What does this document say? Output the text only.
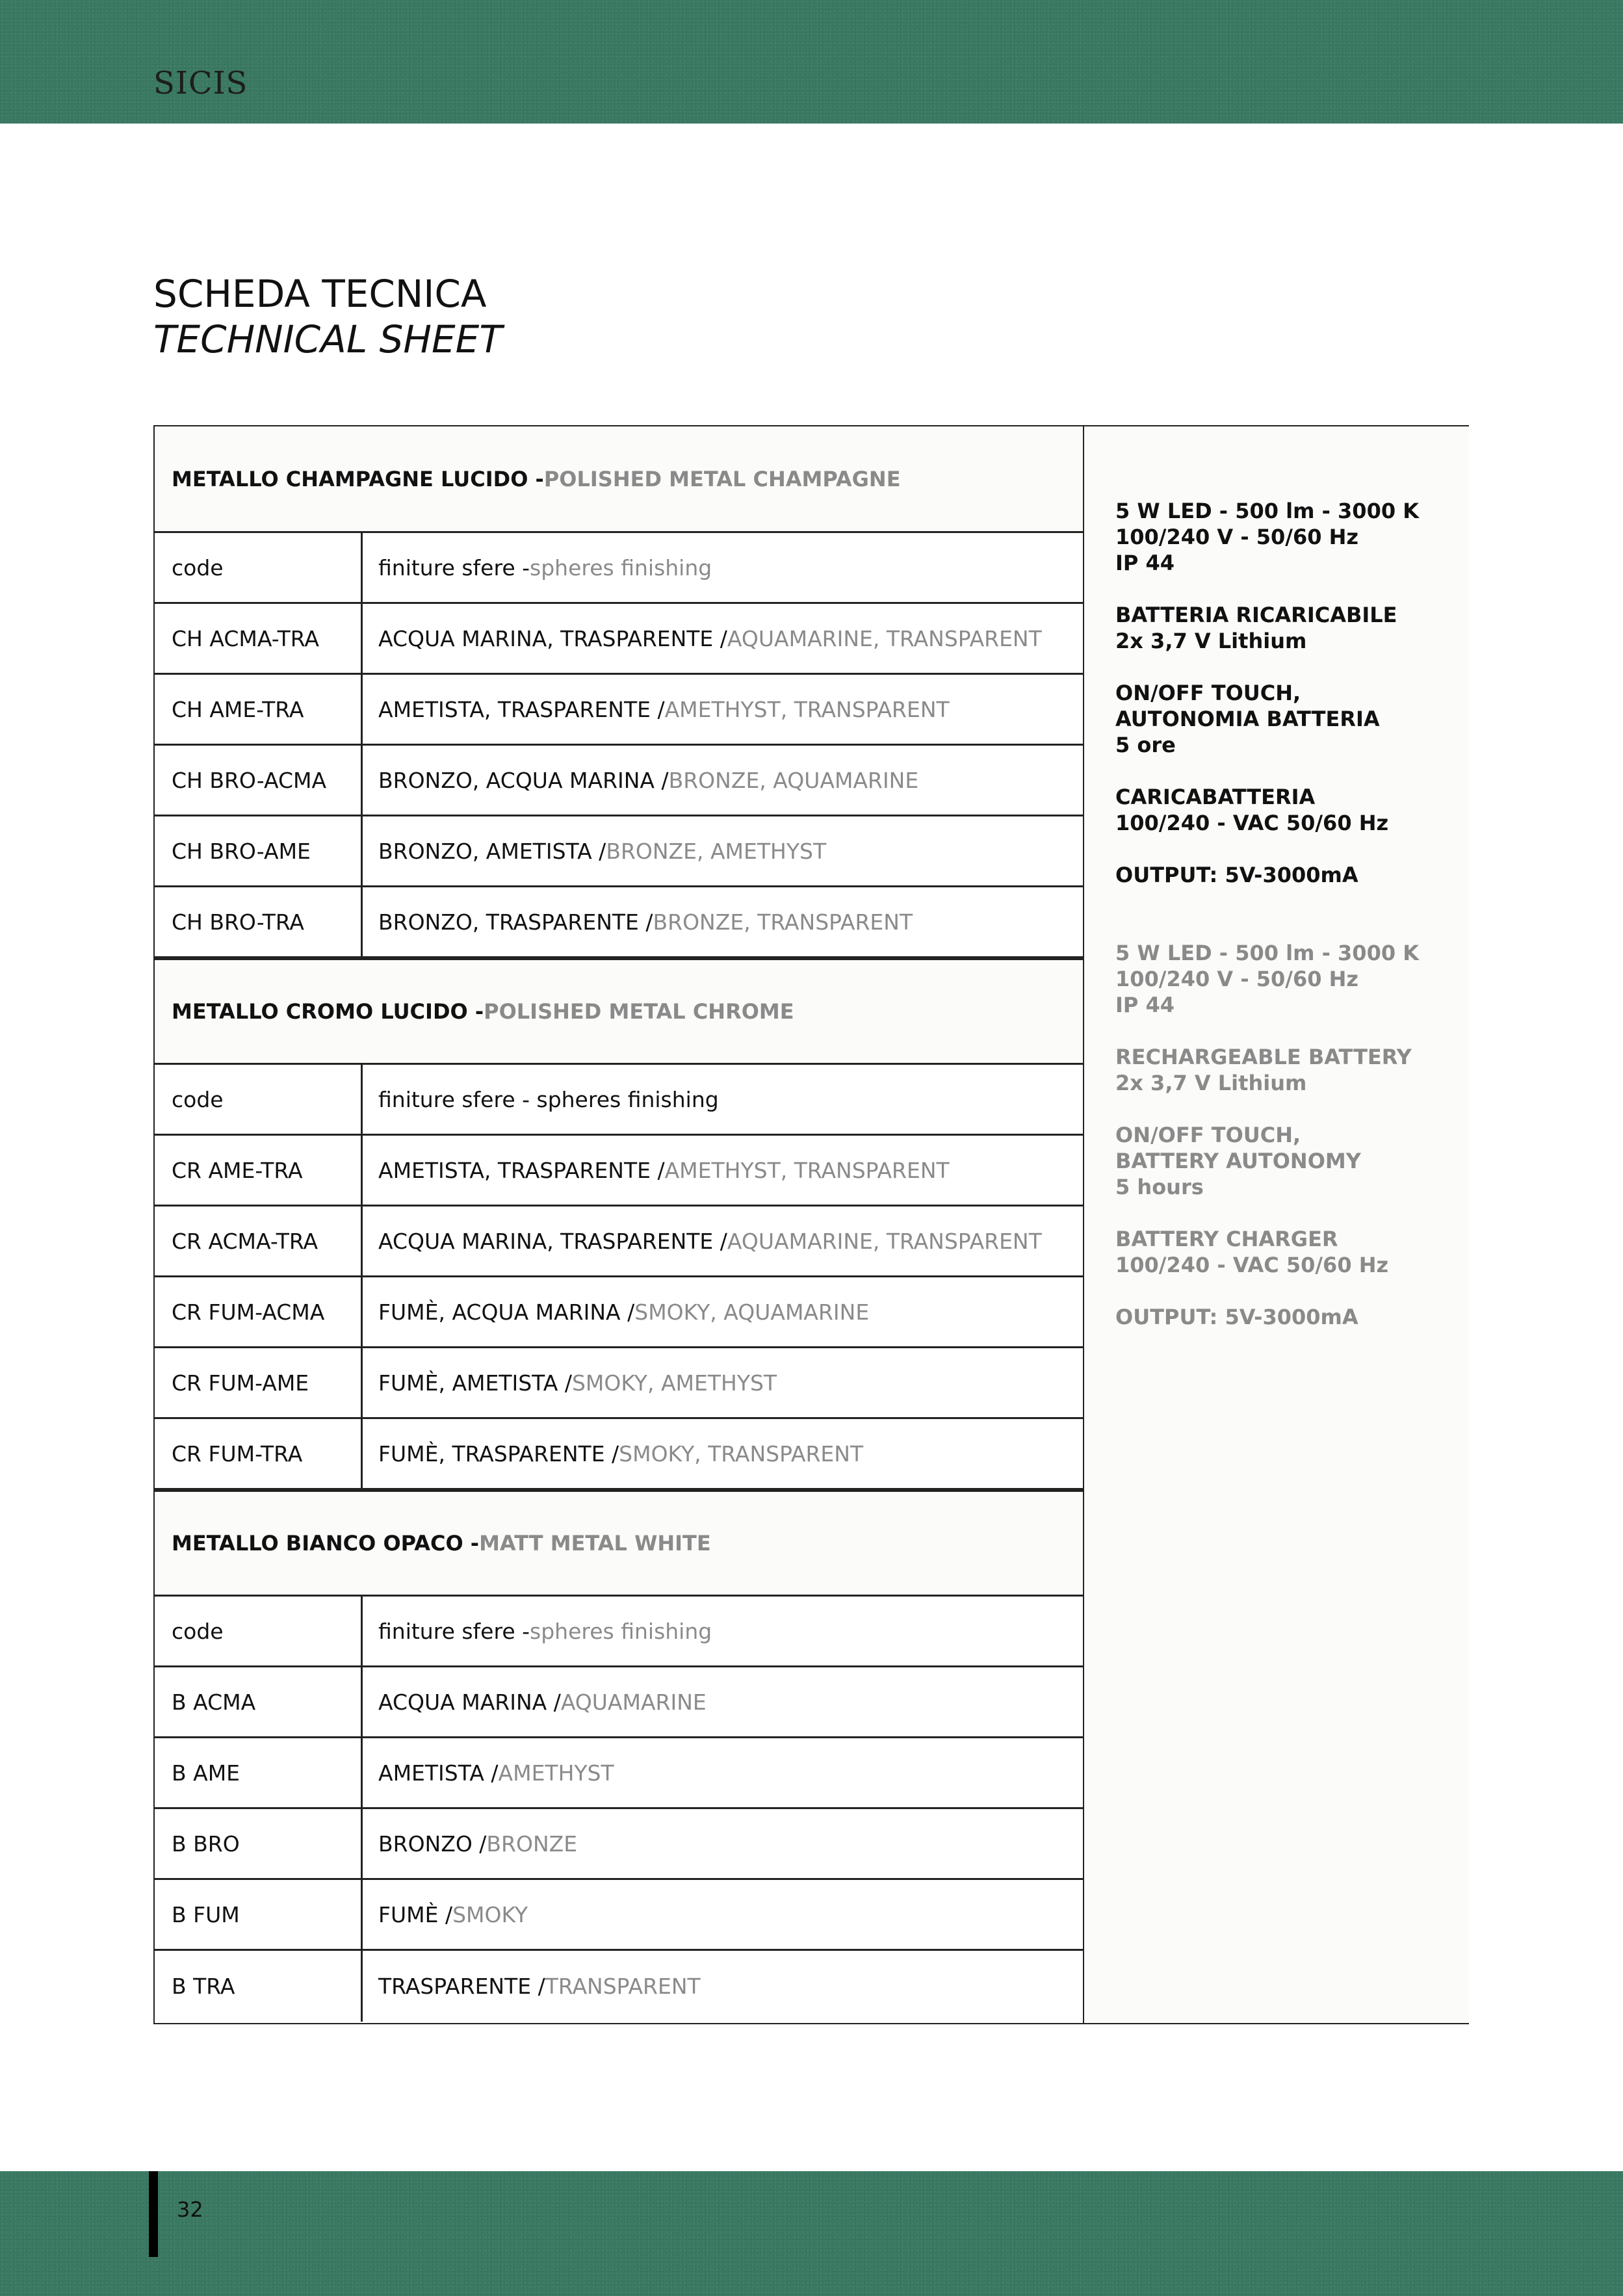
SICIS
SCHEDA TECNICA
TECHNICAL SHEET
METALLO CHAMPAGNE LUCIDO - POLISHED METAL CHAMPAGNE
code	finiture sfere - spheres finishing
CH ACMA-TRA	ACQUA MARINA, TRASPARENTE / AQUAMARINE, TRANSPARENT
CH AME-TRA	AMETISTA, TRASPARENTE / AMETHYST, TRANSPARENT
CH BRO-ACMA	BRONZO, ACQUA MARINA / BRONZE, AQUAMARINE
CH BRO-AME	BRONZO, AMETISTA / BRONZE, AMETHYST
CH BRO-TRA	BRONZO, TRASPARENTE / BRONZE, TRANSPARENT
METALLO CROMO LUCIDO - POLISHED METAL CHROME
code	finiture sfere - spheres finishing
CR AME-TRA	AMETISTA, TRASPARENTE / AMETHYST, TRANSPARENT
CR ACMA-TRA	ACQUA MARINA, TRASPARENTE / AQUAMARINE, TRANSPARENT
CR FUM-ACMA	FUMÈ, ACQUA MARINA / SMOKY, AQUAMARINE
CR FUM-AME	FUMÈ, AMETISTA / SMOKY, AMETHYST
CR FUM-TRA	FUMÈ, TRASPARENTE / SMOKY, TRANSPARENT
METALLO BIANCO OPACO - MATT METAL WHITE
code	finiture sfere - spheres finishing
B ACMA	ACQUA MARINA / AQUAMARINE
B AME	AMETISTA / AMETHYST
B BRO	BRONZO / BRONZE
B FUM	FUMÈ / SMOKY
B TRA	TRASPARENTE / TRANSPARENT
5 W LED - 500 lm - 3000 K
100/240 V - 50/60 Hz
IP 44
BATTERIA RICARICABILE
2x 3,7 V Lithium
ON/OFF TOUCH,
AUTONOMIA BATTERIA
5 ore
CARICABATTERIA
100/240 - VAC 50/60 Hz
OUTPUT: 5V-3000mA
5 W LED - 500 lm - 3000 K
100/240 V - 50/60 Hz
IP 44
RECHARGEABLE BATTERY
2x 3,7 V Lithium
ON/OFF TOUCH,
BATTERY AUTONOMY
5 hours
BATTERY CHARGER
100/240 - VAC 50/60 Hz
OUTPUT: 5V-3000mA
32
